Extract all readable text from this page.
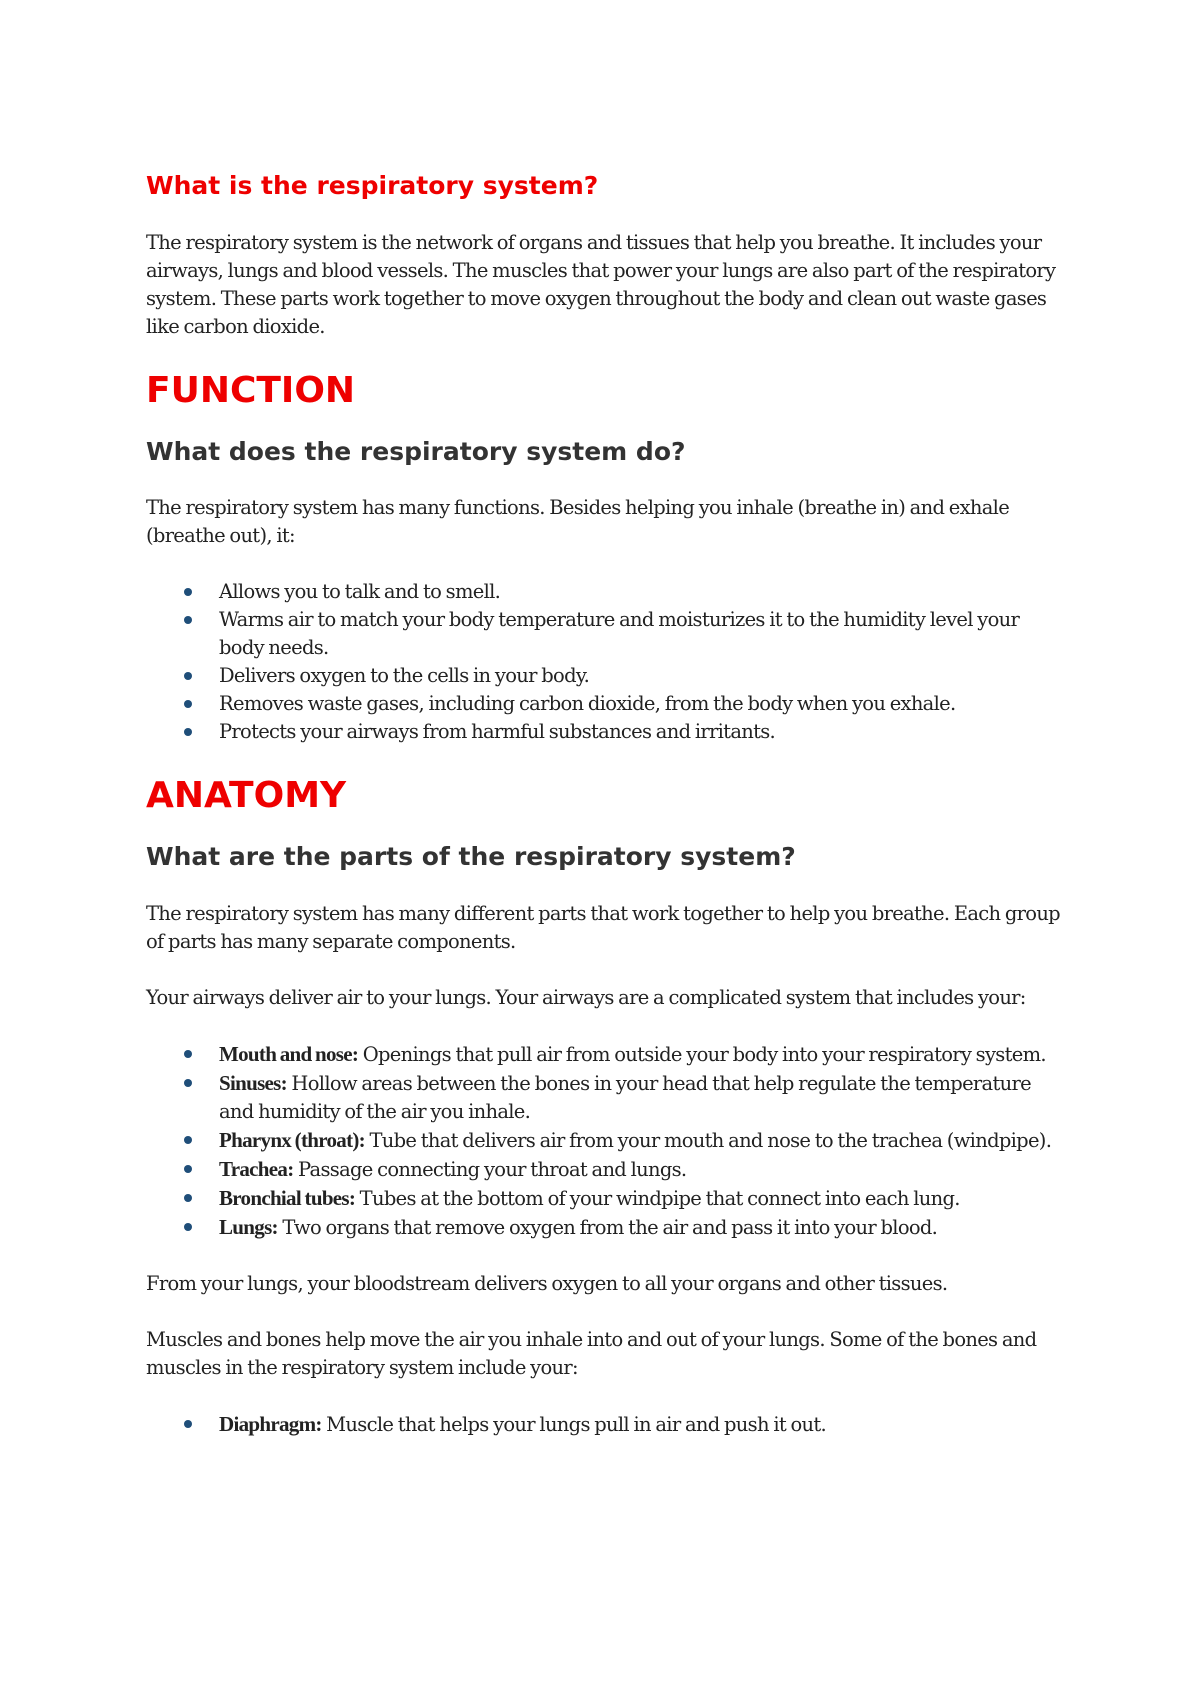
What is the respiratory system?

The respiratory system is the network of organs and tissues that help you breathe. It includes your airways, lungs and blood vessels. The muscles that power your lungs are also part of the respiratory system. These parts work together to move oxygen throughout the body and clean out waste gases like carbon dioxide.

FUNCTION
What does the respiratory system do?

The respiratory system has many functions. Besides helping you inhale (breathe in) and exhale (breathe out), it:

Allows you to talk and to smell.
Warms air to match your body temperature and moisturizes it to the humidity level your body needs.
Delivers oxygen to the cells in your body.
Removes waste gases, including carbon dioxide, from the body when you exhale.
Protects your airways from harmful substances and irritants.
ANATOMY
What are the parts of the respiratory system?

The respiratory system has many different parts that work together to help you breathe. Each group of parts has many separate components.

Your airways deliver air to your lungs. Your airways are a complicated system that includes your:

Mouth and nose: Openings that pull air from outside your body into your respiratory system.
Sinuses: Hollow areas between the bones in your head that help regulate the temperature and humidity of the air you inhale.
Pharynx (throat): Tube that delivers air from your mouth and nose to the trachea (windpipe).
Trachea: Passage connecting your throat and lungs.
Bronchial tubes: Tubes at the bottom of your windpipe that connect into each lung.
Lungs: Two organs that remove oxygen from the air and pass it into your blood.

From your lungs, your bloodstream delivers oxygen to all your organs and other tissues.

Muscles and bones help move the air you inhale into and out of your lungs. Some of the bones and muscles in the respiratory system include your:

Diaphragm: Muscle that helps your lungs pull in air and push it out.
